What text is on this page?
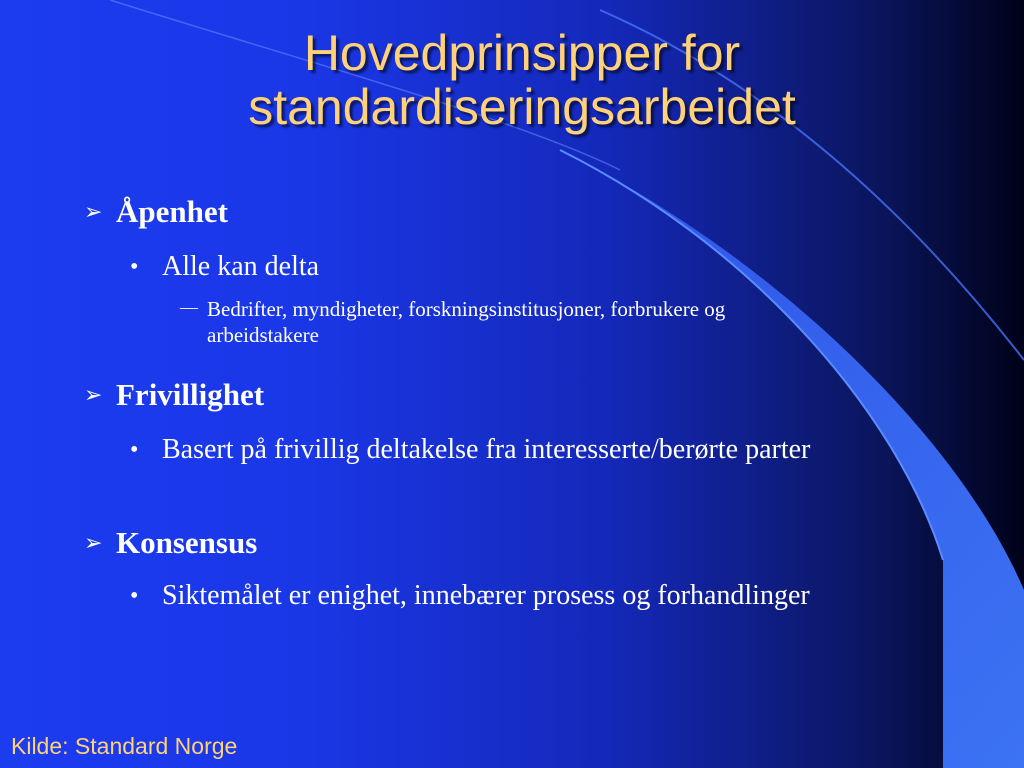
Hovedprinsipper for
standardiseringsarbeidet
➢ Åpenhet
• Alle kan delta
— Bedrifter, myndigheter, forskningsinstitusjoner, forbrukere og arbeidstakere
➢ Frivillighet
• Basert på frivillig deltakelse fra interesserte/berørte parter
➢ Konsensus
• Siktemålet er enighet, innebærer prosess og forhandlinger
Kilde: Standard Norge
